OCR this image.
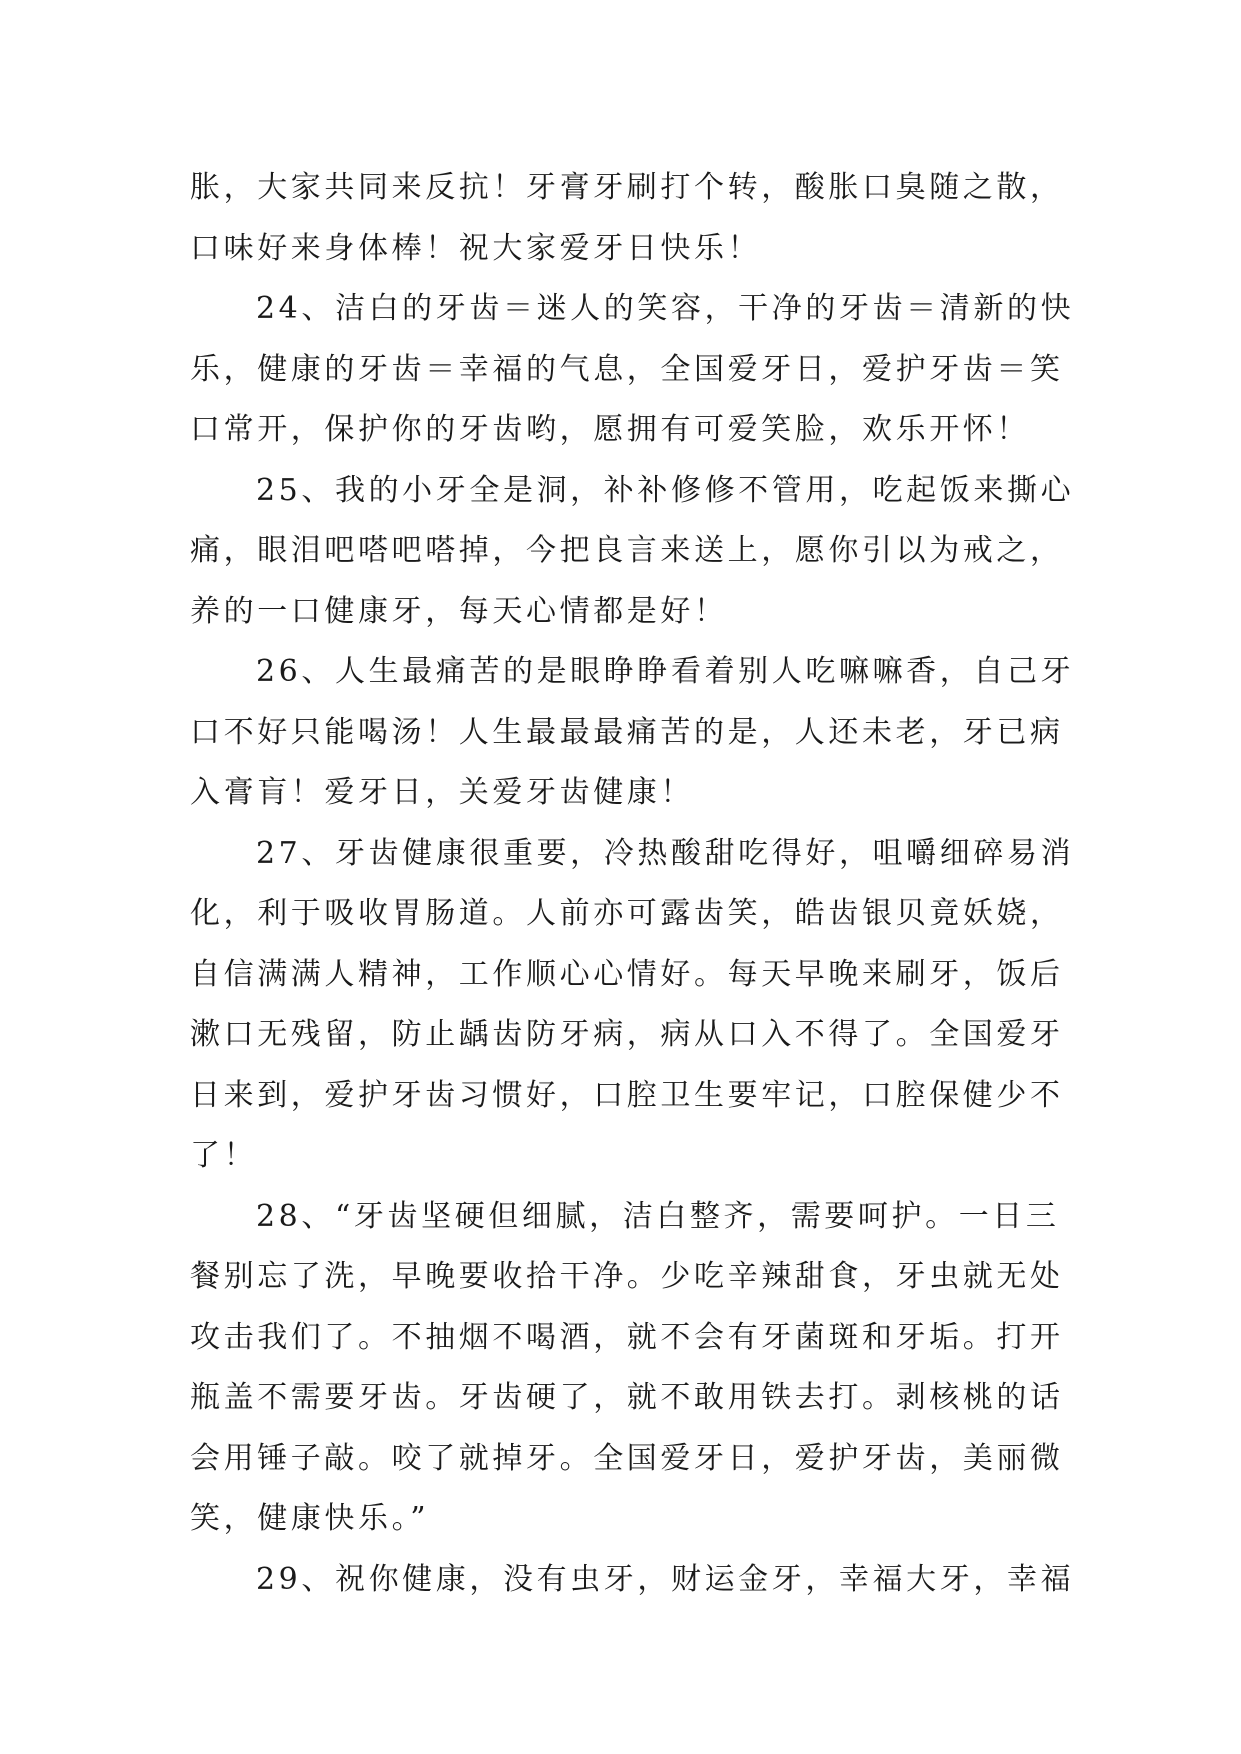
胀，大家共同来反抗！牙膏牙刷打个转，酸胀口臭随之散，
口味好来身体棒！祝大家爱牙日快乐！
24、洁白的牙齿＝迷人的笑容，干净的牙齿＝清新的快
乐，健康的牙齿＝幸福的气息，全国爱牙日，爱护牙齿＝笑
口常开，保护你的牙齿哟，愿拥有可爱笑脸，欢乐开怀！
25、我的小牙全是洞，补补修修不管用，吃起饭来撕心
痛，眼泪吧嗒吧嗒掉，今把良言来送上，愿你引以为戒之，
养的一口健康牙，每天心情都是好！
26、人生最痛苦的是眼睁睁看着别人吃嘛嘛香，自己牙
口不好只能喝汤！人生最最最痛苦的是，人还未老，牙已病
入膏肓！爱牙日，关爱牙齿健康！
27、牙齿健康很重要，冷热酸甜吃得好，咀嚼细碎易消
化，利于吸收胃肠道。人前亦可露齿笑，皓齿银贝竟妖娆，
自信满满人精神，工作顺心心情好。每天早晚来刷牙，饭后
漱口无残留，防止龋齿防牙病，病从口入不得了。全国爱牙
日来到，爱护牙齿习惯好，口腔卫生要牢记，口腔保健少不
了！
28、“牙齿坚硬但细腻，洁白整齐，需要呵护。一日三
餐别忘了洗，早晚要收拾干净。少吃辛辣甜食，牙虫就无处
攻击我们了。不抽烟不喝酒，就不会有牙菌斑和牙垢。打开
瓶盖不需要牙齿。牙齿硬了，就不敢用铁去打。剥核桃的话
会用锤子敲。咬了就掉牙。全国爱牙日，爱护牙齿，美丽微
笑，健康快乐。”
29、祝你健康，没有虫牙，财运金牙，幸福大牙，幸福
